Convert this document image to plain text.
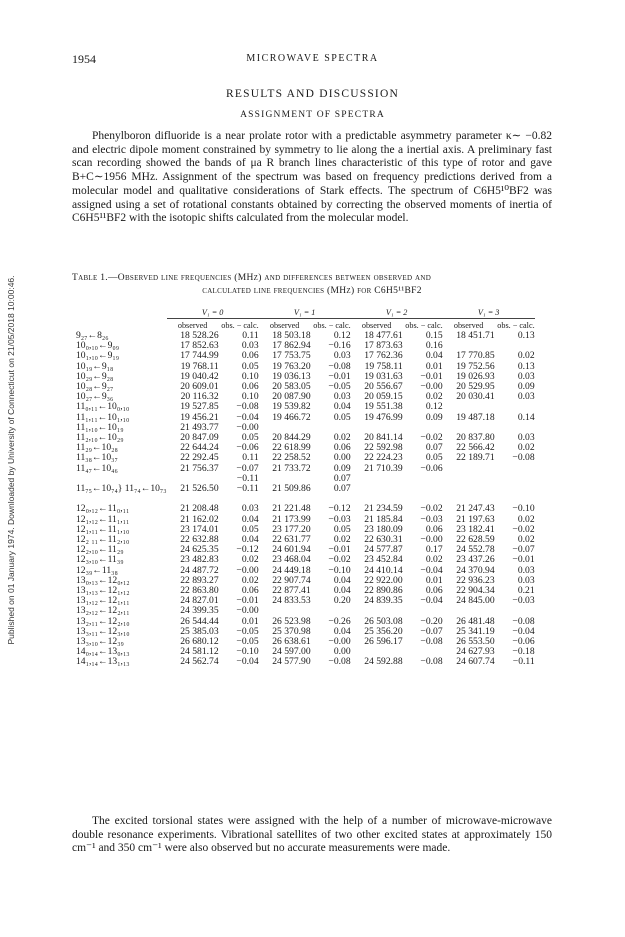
Published on 01 January 1974. Downloaded by University of Connecticut on 21/05/2018 10:00:46.
1954	MICROWAVE SPECTRA
RESULTS AND DISCUSSION
ASSIGNMENT OF SPECTRA

Phenylboron difluoride is a near prolate rotor with a predictable asymmetry parameter κ∼ −0.82 and electric dipole moment constrained by symmetry to lie along the a inertial axis. A preliminary fast scan recording showed the bands of μa R branch lines characteristic of this type of rotor and gave B+C∼1956 MHz. Assignment of the spectrum was based on frequency predictions derived from a molecular model and qualitative considerations of Stark effects. The spectrum of C6H5¹⁰BF2 was assigned using a set of rotational constants obtained by correcting the observed moments of inertia of C6H5¹¹BF2 with the isotopic shifts calculated from the molecular model.

Table 1.—Observed line frequencies (MHz) and differences between observed and
calculated line frequencies (MHz) for C6H5¹¹BF2
	V₁ = 0		V₁ = 1		V₁ = 2		V₁ = 3	
	observed	obs. − calc.	observed	obs. − calc.	observed	obs. − calc.	observed	obs. − calc.
9₂₇←8₂₆	18 528.26	0.11	18 503.18	0.12	18 477.61	0.15	18 451.71	0.13
10₀,₁₀←9₀₉	17 852.63	0.03	17 862.94	−0.16	17 873.63	0.16		
10₁,₁₀←9₁₉	17 744.99	0.06	17 753.75	0.03	17 762.36	0.04	17 770.85	0.02
10₁₉←9₁₈	19 768.11	0.05	19 763.20	−0.08	19 758.11	0.01	19 752.56	0.13
10₂₉←9₂₈	19 040.42	0.10	19 036.13	−0.01	19 031.63	−0.01	19 026.93	0.03
10₂₈←9₂₇	20 609.01	0.06	20 583.05	−0.05	20 556.67	−0.00	20 529.95	0.09
10₂₇←9₃₆	20 116.32	0.10	20 087.90	0.03	20 059.15	0.02	20 030.41	0.03
11₀,₁₁←10₀,₁₀	19 527.85	−0.08	19 539.82	0.04	19 551.38	0.12		
11₁,₁₁←10₁,₁₀	19 456.21	−0.04	19 466.72	0.05	19 476.99	0.09	19 487.18	0.14
11₁,₁₀←10₁₉	21 493.77	−0.00						
11₂,₁₀←10₂₉	20 847.09	0.05	20 844.29	0.02	20 841.14	−0.02	20 837.80	0.03
11₂₉←10₂₈	22 644.24	−0.06	22 618.99	0.06	22 592.98	0.07	22 566.42	0.02
11₃₈←10₃₇	22 292.45	0.11	22 258.52	0.00	22 224.23	0.05	22 189.71	−0.08
11₄₇←10₄₆	21 756.37	−0.07	21 733.72	0.09	21 710.39	−0.06		
		−0.11		0.07				
11₇₅←10₇₄} 11₇₄←10₇₃	21 526.50	−0.11	21 509.86	0.07				

12₀,₁₂←11₀,₁₁	21 208.48	0.03	21 221.48	−0.12	21 234.59	−0.02	21 247.43	−0.10
12₁,₁₂←11₁,₁₁	21 162.02	0.04	21 173.99	−0.03	21 185.84	−0.03	21 197.63	0.02
12₁,₁₁←11₁,₁₀	23 174.01	0.05	23 177.20	0.05	23 180.09	0.06	23 182.41	−0.02
12₂ ₁₁←11₂,₁₀	22 632.88	0.04	22 631.77	0.02	22 630.31	−0.00	22 628.59	0.02
12₂,₁₀←11₂₉	24 625.35	−0.12	24 601.94	−0.01	24 577.87	0.17	24 552.78	−0.07
12₃,₁₀←11₃₉	23 482.83	0.02	23 468.04	−0.02	23 452.84	0.02	23 437.26	−0.01
12₃₉←11₃₈	24 487.72	−0.00	24 449.18	−0.10	24 410.14	−0.04	24 370.94	0.03
13₀,₁₃←12₀,₁₂	22 893.27	0.02	22 907.74	0.04	22 922.00	0.01	22 936.23	0.03
13₁,₁₃←12₁,₁₂	22 863.80	0.06	22 877.41	0.04	22 890.86	0.06	22 904.34	0.21
13₁,₁₂←12₁,₁₁	24 827.01	−0.01	24 833.53	0.20	24 839.35	−0.04	24 845.00	−0.03
13₂,₁₂←12₂,₁₁	24 399.35	−0.00						
13₂,₁₁←12₂,₁₀	26 544.44	0.01	26 523.98	−0.26	26 503.08	−0.20	26 481.48	−0.08
13₃,₁₁←12₃,₁₀	25 385.03	−0.05	25 370.98	0.04	25 356.20	−0.07	25 341.19	−0.04
13₃,₁₀←12₃₉	26 680.12	−0.05	26 638.61	−0.00	26 596.17	−0.08	26 553.50	−0.06
14₀,₁₄←13₀,₁₃	24 581.12	−0.10	24 597.00	0.00			24 627.93	−0.18
14₁,₁₄←13₁,₁₃	24 562.74	−0.04	24 577.90	−0.08	24 592.88	−0.08	24 607.74	−0.11

The excited torsional states were assigned with the help of a number of microwave-microwave double resonance experiments. Vibrational satellites of two other excited states at approximately 150 cm⁻¹ and 350 cm⁻¹ were also observed but no accurate measurements were made.
